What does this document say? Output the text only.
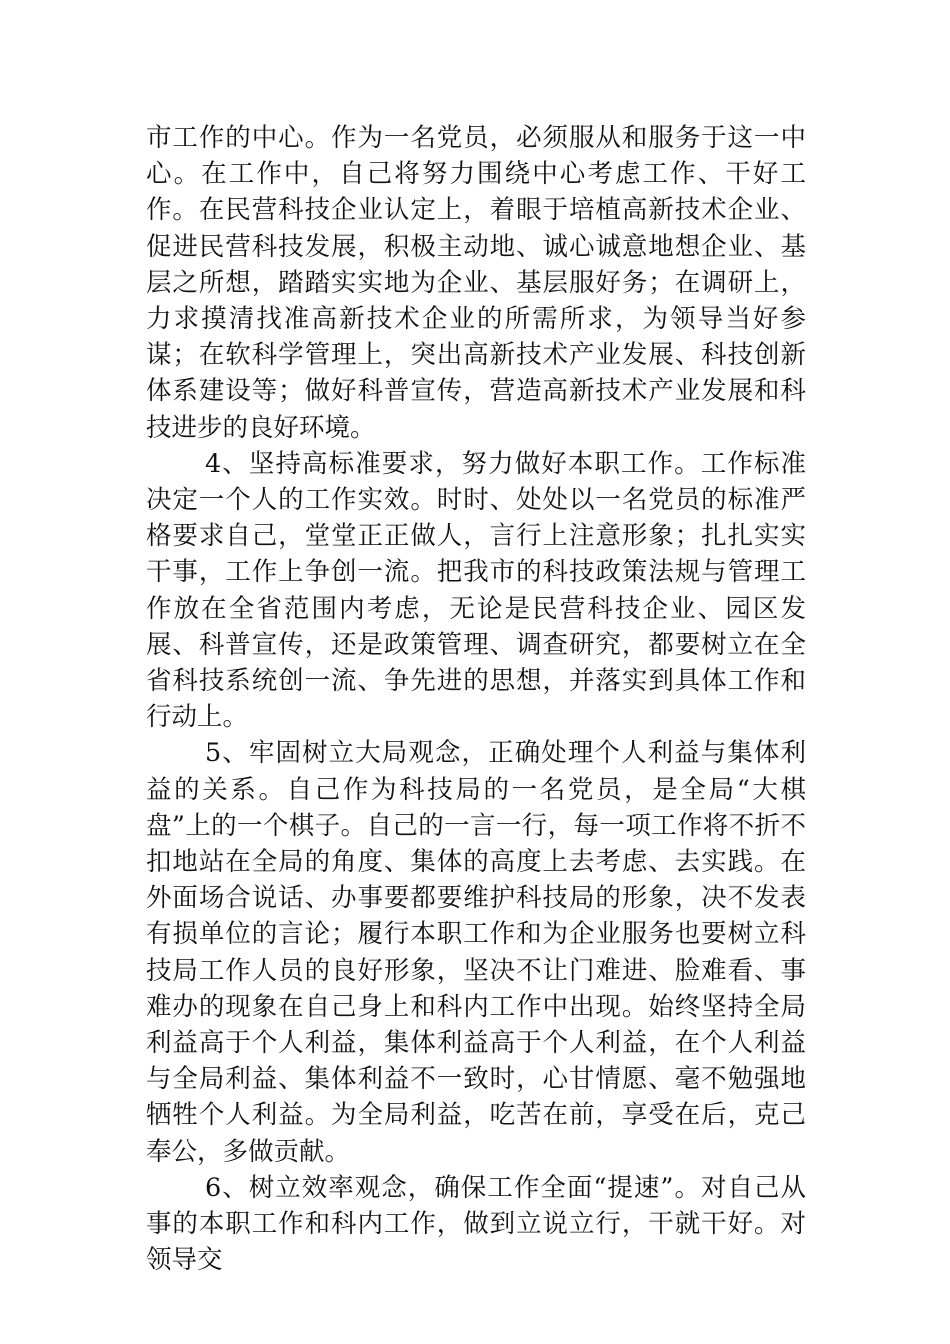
市工作的中心。作为一名党员，必须服从和服务于这一中心。在工作中，自己将努力围绕中心考虑工作、干好工作。在民营科技企业认定上，着眼于培植高新技术企业、促进民营科技发展，积极主动地、诚心诚意地想企业、基层之所想，踏踏实实地为企业、基层服好务；在调研上，力求摸清找准高新技术企业的所需所求，为领导当好参谋；在软科学管理上，突出高新技术产业发展、科技创新体系建设等；做好科普宣传，营造高新技术产业发展和科技进步的良好环境。

4、坚持高标准要求，努力做好本职工作。工作标准决定一个人的工作实效。时时、处处以一名党员的标准严格要求自己，堂堂正正做人，言行上注意形象；扎扎实实干事，工作上争创一流。把我市的科技政策法规与管理工作放在全省范围内考虑，无论是民营科技企业、园区发展、科普宣传，还是政策管理、调查研究，都要树立在全省科技系统创一流、争先进的思想，并落实到具体工作和行动上。

5、牢固树立大局观念，正确处理个人利益与集体利益的关系。自己作为科技局的一名党员，是全局“大棋盘”上的一个棋子。自己的一言一行，每一项工作将不折不扣地站在全局的角度、集体的高度上去考虑、去实践。在外面场合说话、办事要都要维护科技局的形象，决不发表有损单位的言论；履行本职工作和为企业服务也要树立科技局工作人员的良好形象，坚决不让门难进、脸难看、事难办的现象在自己身上和科内工作中出现。始终坚持全局利益高于个人利益，集体利益高于个人利益，在个人利益与全局利益、集体利益不一致时，心甘情愿、毫不勉强地牺牲个人利益。为全局利益，吃苦在前，享受在后，克己奉公，多做贡献。

6、树立效率观念，确保工作全面“提速”。对自己从事的本职工作和科内工作，做到立说立行，干就干好。对领导交
